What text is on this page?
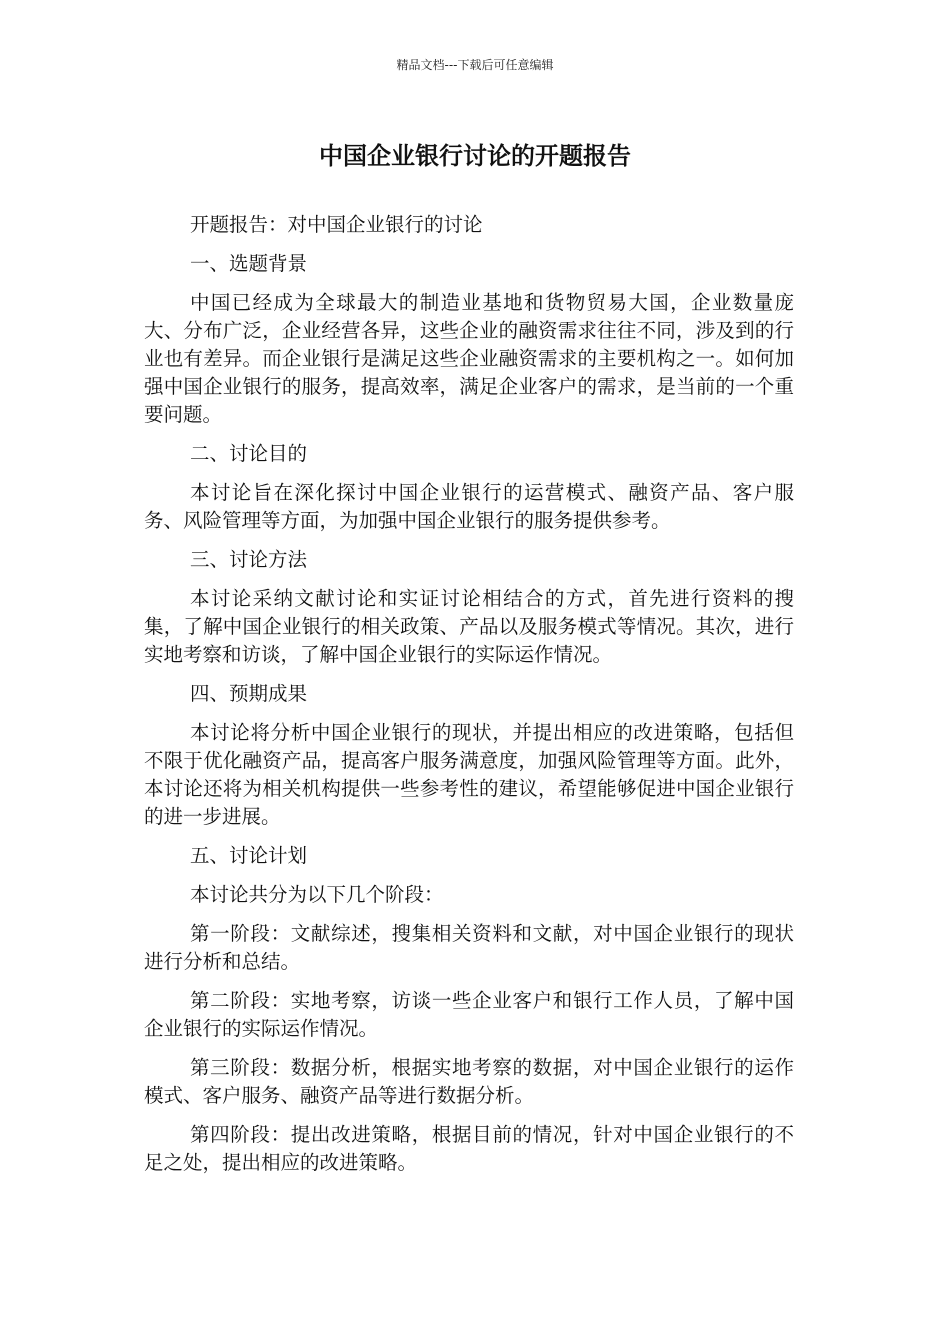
精品文档---下载后可任意编辑
中国企业银行讨论的开题报告

开题报告：对中国企业银行的讨论

一、选题背景

中国已经成为全球最大的制造业基地和货物贸易大国，企业数量庞大、分布广泛，企业经营各异，这些企业的融资需求往往不同，涉及到的行业也有差异。而企业银行是满足这些企业融资需求的主要机构之一。如何加强中国企业银行的服务，提高效率，满足企业客户的需求，是当前的一个重要问题。

二、讨论目的

本讨论旨在深化探讨中国企业银行的运营模式、融资产品、客户服务、风险管理等方面，为加强中国企业银行的服务提供参考。

三、讨论方法

本讨论采纳文献讨论和实证讨论相结合的方式，首先进行资料的搜集，了解中国企业银行的相关政策、产品以及服务模式等情况。其次，进行实地考察和访谈，了解中国企业银行的实际运作情况。

四、预期成果

本讨论将分析中国企业银行的现状，并提出相应的改进策略，包括但不限于优化融资产品，提高客户服务满意度，加强风险管理等方面。此外，本讨论还将为相关机构提供一些参考性的建议，希望能够促进中国企业银行的进一步进展。

五、讨论计划

本讨论共分为以下几个阶段：

第一阶段：文献综述，搜集相关资料和文献，对中国企业银行的现状进行分析和总结。

第二阶段：实地考察，访谈一些企业客户和银行工作人员，了解中国企业银行的实际运作情况。

第三阶段：数据分析，根据实地考察的数据，对中国企业银行的运作模式、客户服务、融资产品等进行数据分析。

第四阶段：提出改进策略，根据目前的情况，针对中国企业银行的不足之处，提出相应的改进策略。
